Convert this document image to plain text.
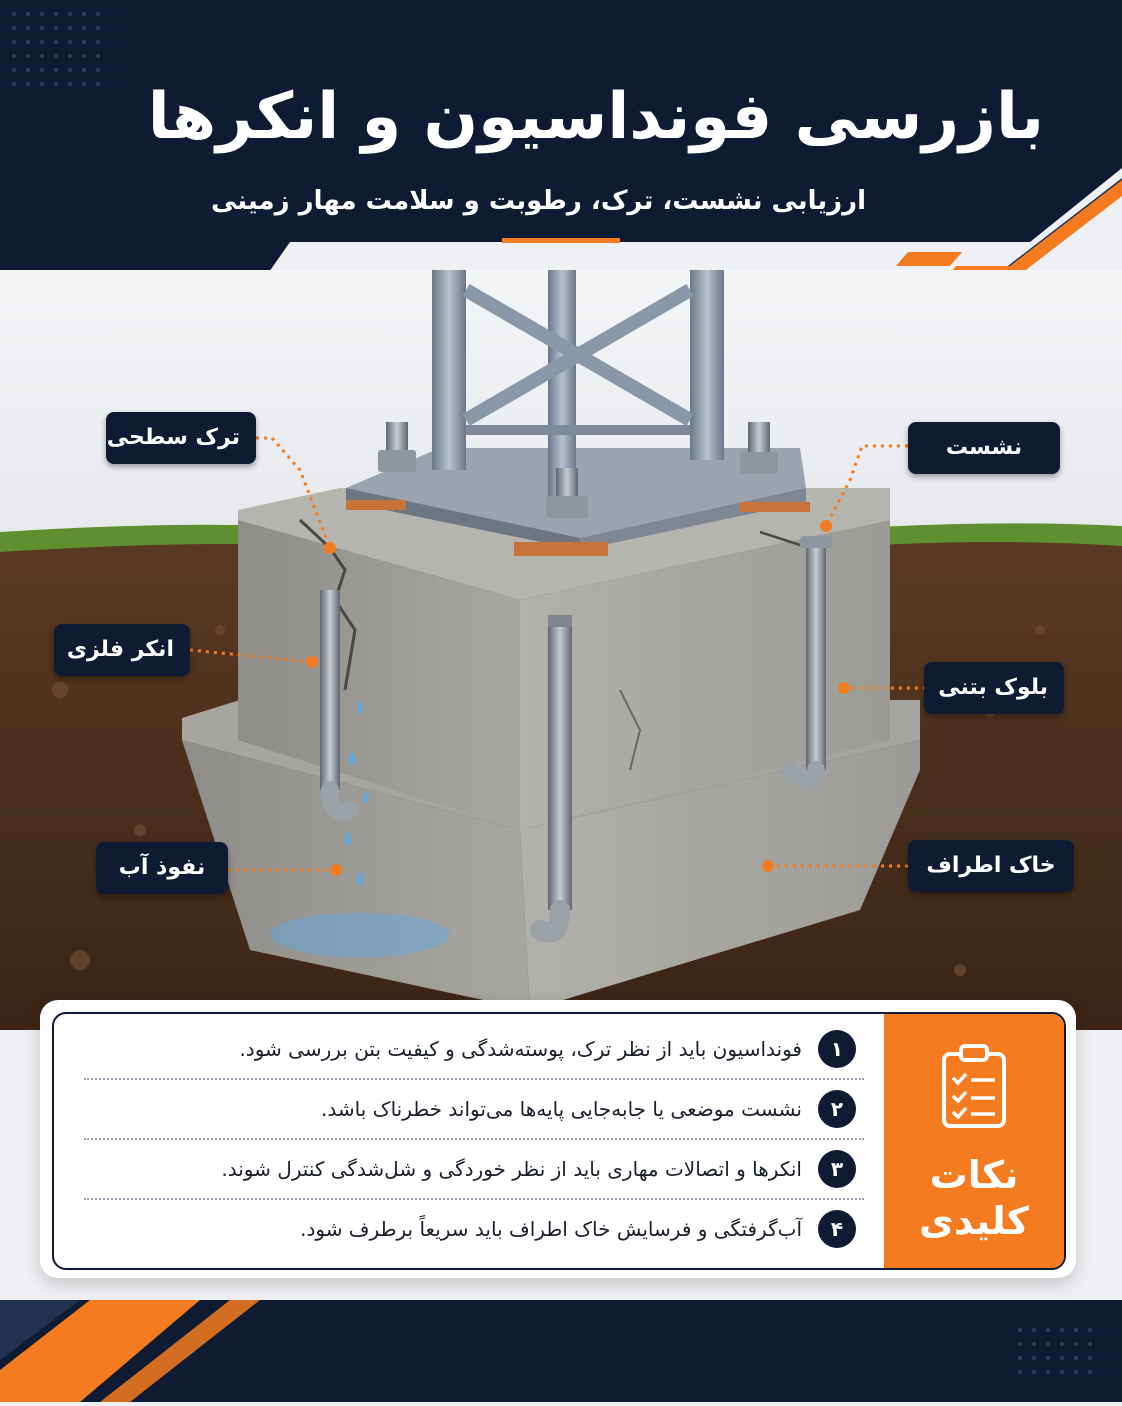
بازرسی فونداسیون و انکرها

ارزیابی نشست، ترک، رطوبت و سلامت مهار زمینی

ترک سطحی	نشست
انکر فلزی
بلوک بتنی
نفوذ آب	خاک اطراف
نکات
کلیدی
۱
فونداسیون باید از نظر ترک، پوسته‌شدگی و کیفیت بتن بررسی شود.
۲
نشست موضعی یا جابه‌جایی پایه‌ها می‌تواند خطرناک باشد.
۳
انکرها و اتصالات مهاری باید از نظر خوردگی و شل‌شدگی کنترل شوند.
۴
آب‌گرفتگی و فرسایش خاک اطراف باید سریعاً برطرف شود.
